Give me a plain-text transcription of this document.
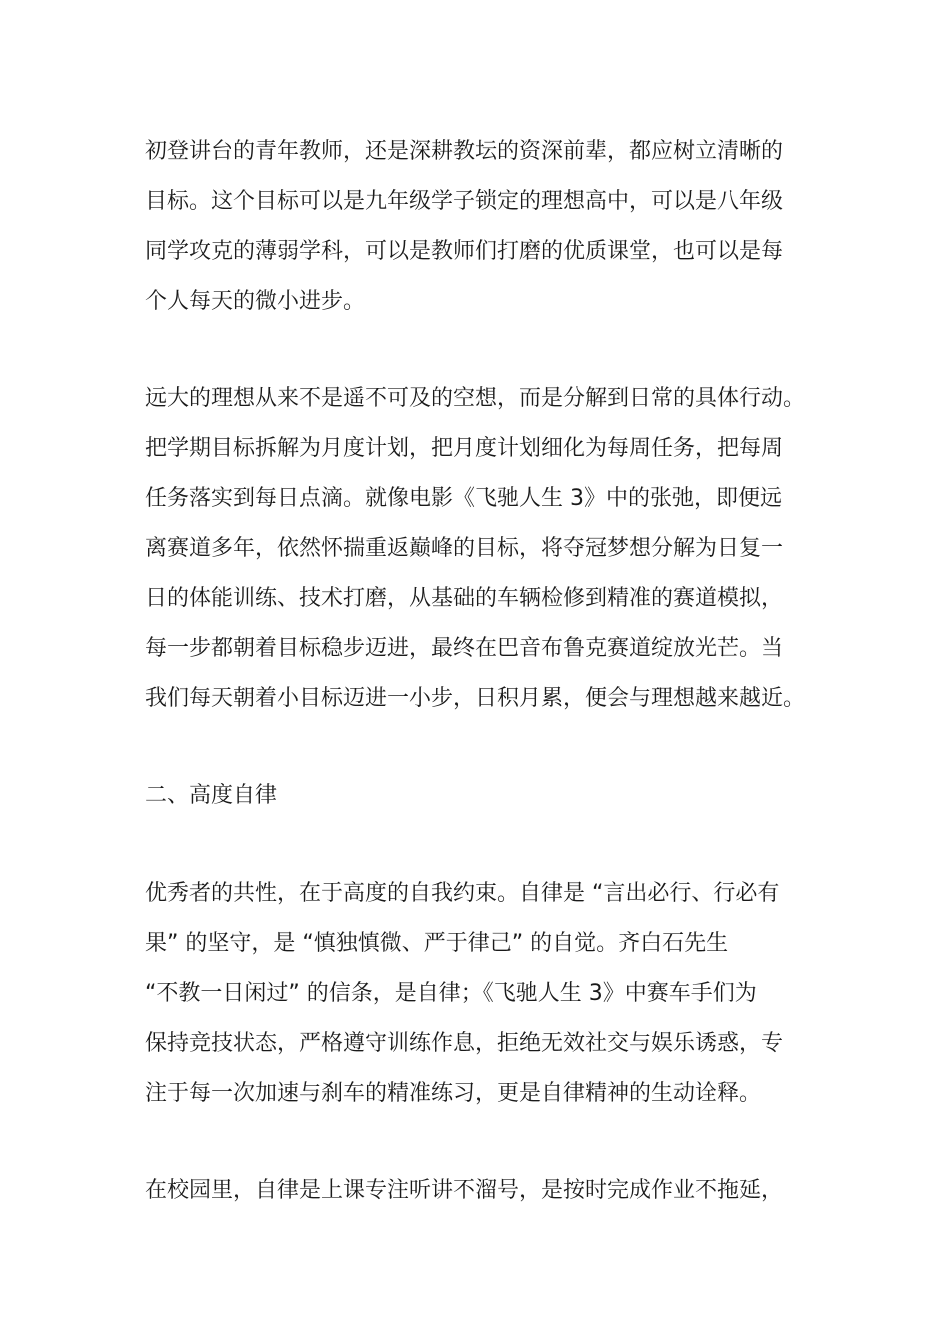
初登讲台的青年教师，还是深耕教坛的资深前辈，都应树立清晰的
目标。这个目标可以是九年级学子锁定的理想高中，可以是八年级
同学攻克的薄弱学科，可以是教师们打磨的优质课堂，也可以是每
个人每天的微小进步。
远大的理想从来不是遥不可及的空想，而是分解到日常的具体行动。
把学期目标拆解为月度计划，把月度计划细化为每周任务，把每周
任务落实到每日点滴。就像电影《飞驰人生 3》中的张弛，即便远
离赛道多年，依然怀揣重返巅峰的目标，将夺冠梦想分解为日复一
日的体能训练、技术打磨，从基础的车辆检修到精准的赛道模拟，
每一步都朝着目标稳步迈进，最终在巴音布鲁克赛道绽放光芒。当
我们每天朝着小目标迈进一小步，日积月累，便会与理想越来越近。
二、高度自律
优秀者的共性，在于高度的自我约束。自律是 “言出必行、行必有
果” 的坚守，是 “慎独慎微、严于律己” 的自觉。齐白石先生
“不教一日闲过” 的信条，是自律；《飞驰人生 3》中赛车手们为
保持竞技状态，严格遵守训练作息，拒绝无效社交与娱乐诱惑，专
注于每一次加速与刹车的精准练习，更是自律精神的生动诠释。
在校园里，自律是上课专注听讲不溜号，是按时完成作业不拖延，
